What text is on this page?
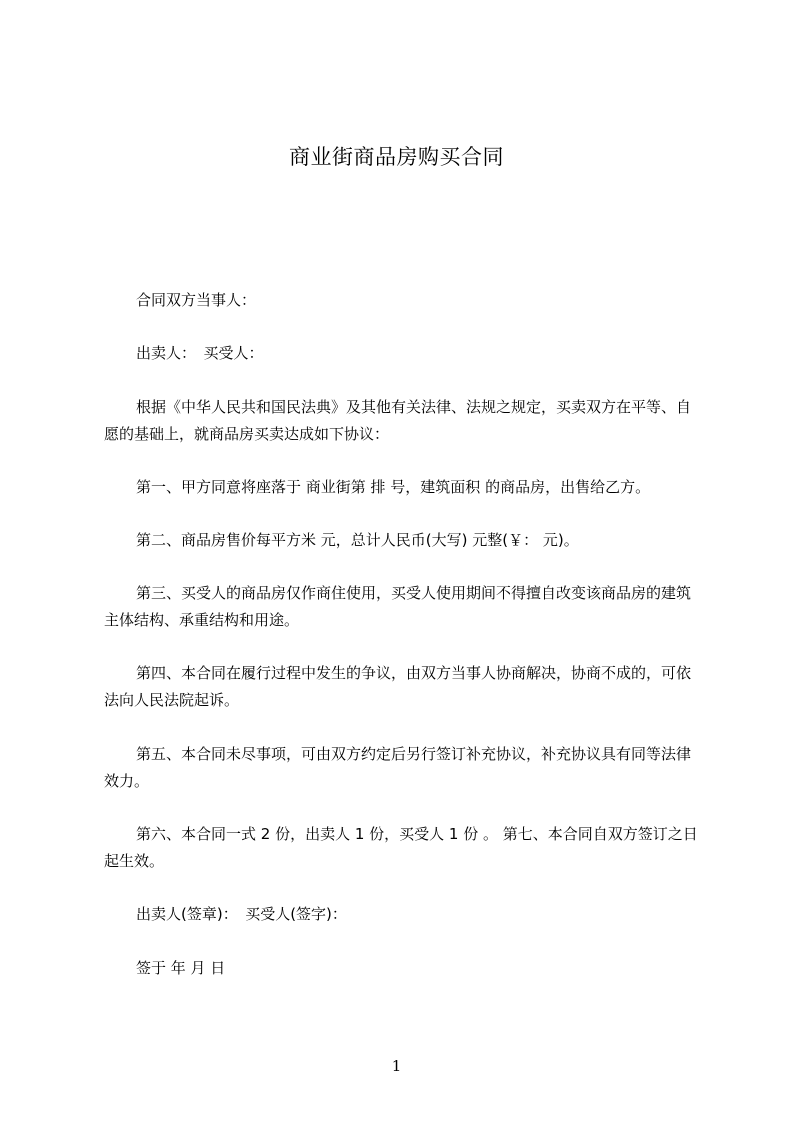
商业街商品房购买合同

合同双方当事人：

出卖人：　买受人：

根据《中华人民共和国民法典》及其他有关法律、法规之规定，买卖双方在平等、自愿的基础上，就商品房买卖达成如下协议：

第一、甲方同意将座落于 商业街第 排 号，建筑面积 的商品房，出售给乙方。

第二、商品房售价每平方米 元，总计人民币(大写) 元整(￥： 元)。

第三、买受人的商品房仅作商住使用，买受人使用期间不得擅自改变该商品房的建筑主体结构、承重结构和用途。

第四、本合同在履行过程中发生的争议，由双方当事人协商解决，协商不成的，可依法向人民法院起诉。

第五、本合同未尽事项，可由双方约定后另行签订补充协议，补充协议具有同等法律效力。

第六、本合同一式 2 份，出卖人 1 份，买受人 1 份 。 第七、本合同自双方签订之日起生效。

出卖人(签章)：　买受人(签字)：

签于 年 月 日

1
